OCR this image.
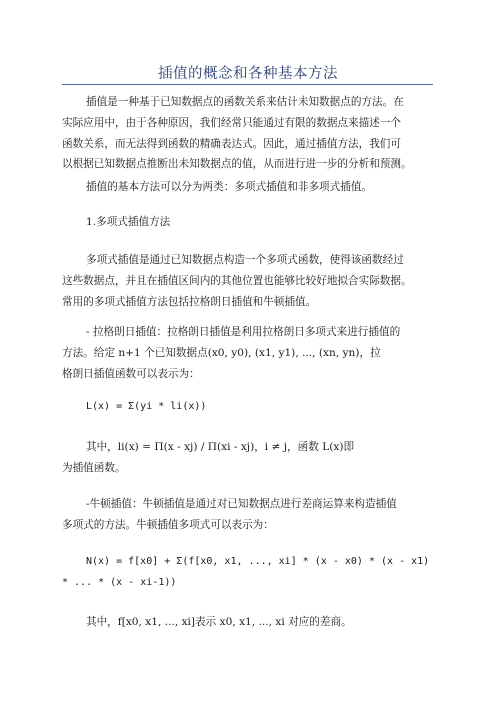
插值的概念和各种基本方法
插值是一种基于已知数据点的函数关系来估计未知数据点的方法。在
实际应用中，由于各种原因，我们经常只能通过有限的数据点来描述一个
函数关系，而无法得到函数的精确表达式。因此，通过插值方法，我们可
以根据已知数据点推断出未知数据点的值，从而进行进一步的分析和预测。
插值的基本方法可以分为两类：多项式插值和非多项式插值。
1.多项式插值方法
多项式插值是通过已知数据点构造一个多项式函数，使得该函数经过
这些数据点，并且在插值区间内的其他位置也能够比较好地拟合实际数据。
常用的多项式插值方法包括拉格朗日插值和牛顿插值。
- 拉格朗日插值：拉格朗日插值是利用拉格朗日多项式来进行插值的
方法。给定 n+1 个已知数据点(x0, y0), (x1, y1), ..., (xn, yn)，拉
格朗日插值函数可以表示为：
L(x) = Σ(yi * li(x))
其中，li(x) = Π(x - xj) / Π(xi - xj)，i ≠ j，函数 L(x)即
为插值函数。
-牛顿插值：牛顿插值是通过对已知数据点进行差商运算来构造插值
多项式的方法。牛顿插值多项式可以表示为：
N(x) = f[x0] + Σ(f[x0, x1, ..., xi] * (x - x0) * (x - x1)
* ... * (x - xi-1))
其中，f[x0, x1, ..., xi]表示 x0, x1, ..., xi 对应的差商。
